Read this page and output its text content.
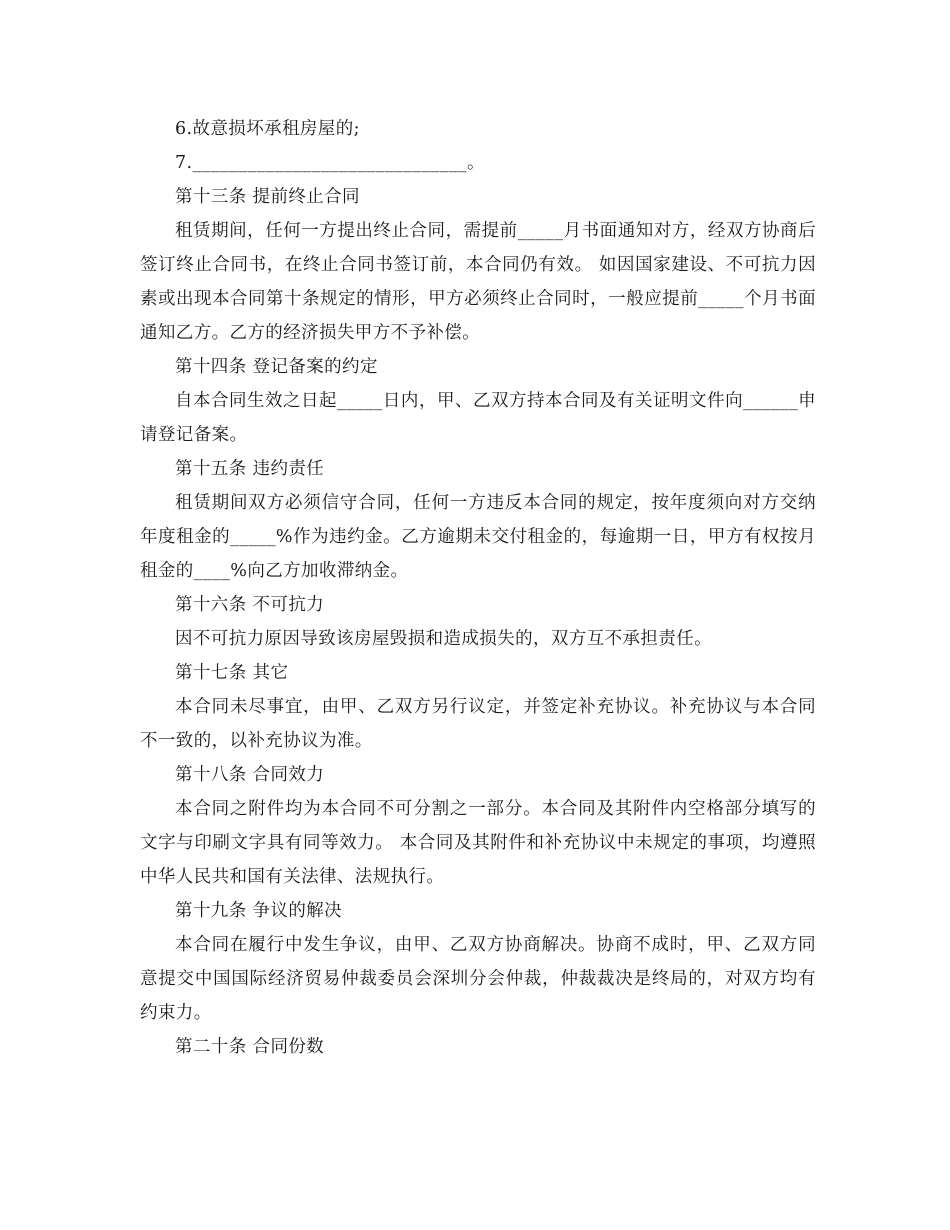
6.故意损坏承租房屋的;

7.______________________________。

第十三条 提前终止合同

租赁期间，任何一方提出终止合同，需提前_____月书面通知对方，经双方协商后签订终止合同书，在终止合同书签订前，本合同仍有效。 如因国家建设、不可抗力因素或出现本合同第十条规定的情形，甲方必须终止合同时，一般应提前_____个月书面通知乙方。乙方的经济损失甲方不予补偿。

第十四条 登记备案的约定

自本合同生效之日起_____日内，甲、乙双方持本合同及有关证明文件向______申请登记备案。

第十五条 违约责任

租赁期间双方必须信守合同，任何一方违反本合同的规定，按年度须向对方交纳年度租金的_____%作为违约金。乙方逾期未交付租金的，每逾期一日，甲方有权按月租金的____%向乙方加收滞纳金。

第十六条 不可抗力

因不可抗力原因导致该房屋毁损和造成损失的，双方互不承担责任。

第十七条 其它

本合同未尽事宜，由甲、乙双方另行议定，并签定补充协议。补充协议与本合同不一致的，以补充协议为准。

第十八条 合同效力

本合同之附件均为本合同不可分割之一部分。本合同及其附件内空格部分填写的文字与印刷文字具有同等效力。 本合同及其附件和补充协议中未规定的事项，均遵照中华人民共和国有关法律、法规执行。

第十九条 争议的解决

本合同在履行中发生争议，由甲、乙双方协商解决。协商不成时，甲、乙双方同意提交中国国际经济贸易仲裁委员会深圳分会仲裁，仲裁裁决是终局的，对双方均有约束力。

第二十条 合同份数
